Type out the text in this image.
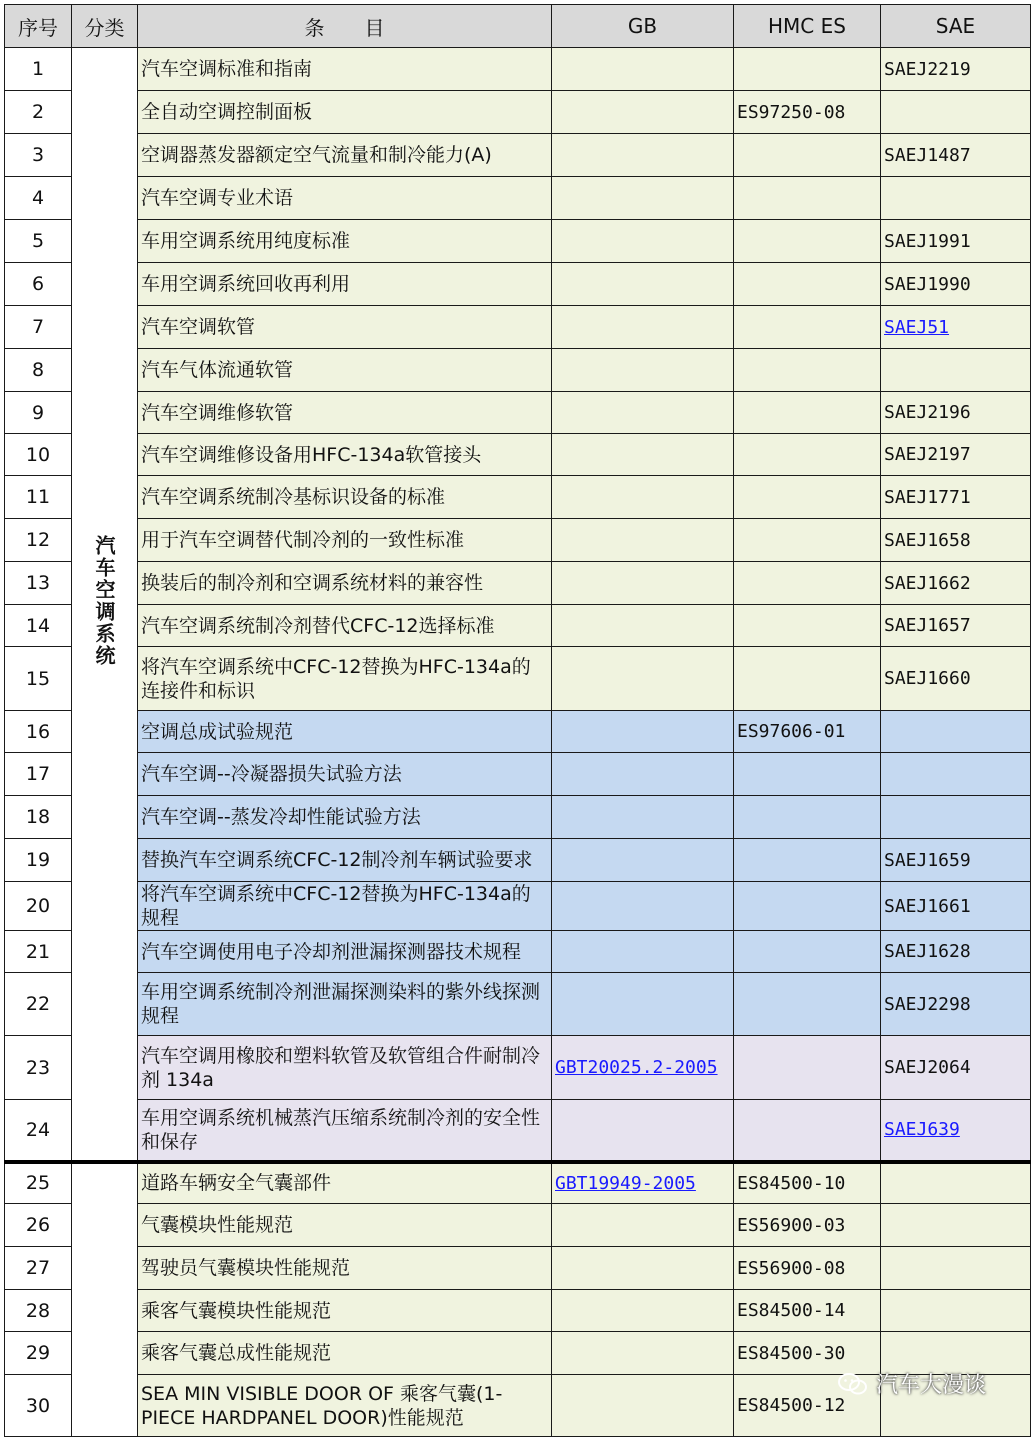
序号	分类	条　　目	GB	HMC ES	SAE
1	汽车空调系统	汽车空调标准和指南			SAEJ2219
2		全自动空调控制面板		ES97250-08	
3		空调器蒸发器额定空气流量和制冷能力(A)			SAEJ1487
4		汽车空调专业术语			
5		车用空调系统用纯度标准			SAEJ1991
6		车用空调系统回收再利用			SAEJ1990
7		汽车空调软管			SAEJ51
8		汽车气体流通软管			
9		汽车空调维修软管			SAEJ2196
10		汽车空调维修设备用HFC-134a软管接头			SAEJ2197
11		汽车空调系统制冷基标识设备的标准			SAEJ1771
12		用于汽车空调替代制冷剂的一致性标准			SAEJ1658
13		换装后的制冷剂和空调系统材料的兼容性			SAEJ1662
14		汽车空调系统制冷剂替代CFC-12选择标准			SAEJ1657
15		将汽车空调系统中CFC-12替换为HFC-134a的连接件和标识			SAEJ1660
16		空调总成试验规范		ES97606-01	
17		汽车空调--冷凝器损失试验方法			
18		汽车空调--蒸发冷却性能试验方法			
19		替换汽车空调系统CFC-12制冷剂车辆试验要求			SAEJ1659
20		将汽车空调系统中CFC-12替换为HFC-134a的规程			SAEJ1661
21		汽车空调使用电子冷却剂泄漏探测器技术规程			SAEJ1628
22		车用空调系统制冷剂泄漏探测染料的紫外线探测规程			SAEJ2298
23		汽车空调用橡胶和塑料软管及软管组合件耐制冷剂 134a	GBT20025.2-2005		SAEJ2064
24		车用空调系统机械蒸汽压缩系统制冷剂的安全性和保存			SAEJ639
25		道路车辆安全气囊部件	GBT19949-2005	ES84500-10	
26		气囊模块性能规范		ES56900-03	
27		驾驶员气囊模块性能规范		ES56900-08	
28		乘客气囊模块性能规范		ES84500-14	
29		乘客气囊总成性能规范		ES84500-30	
30		SEA MIN VISIBLE DOOR OF 乘客气囊(1-PIECE HARDPANEL DOOR)性能规范		ES84500-12	
汽车大漫谈
